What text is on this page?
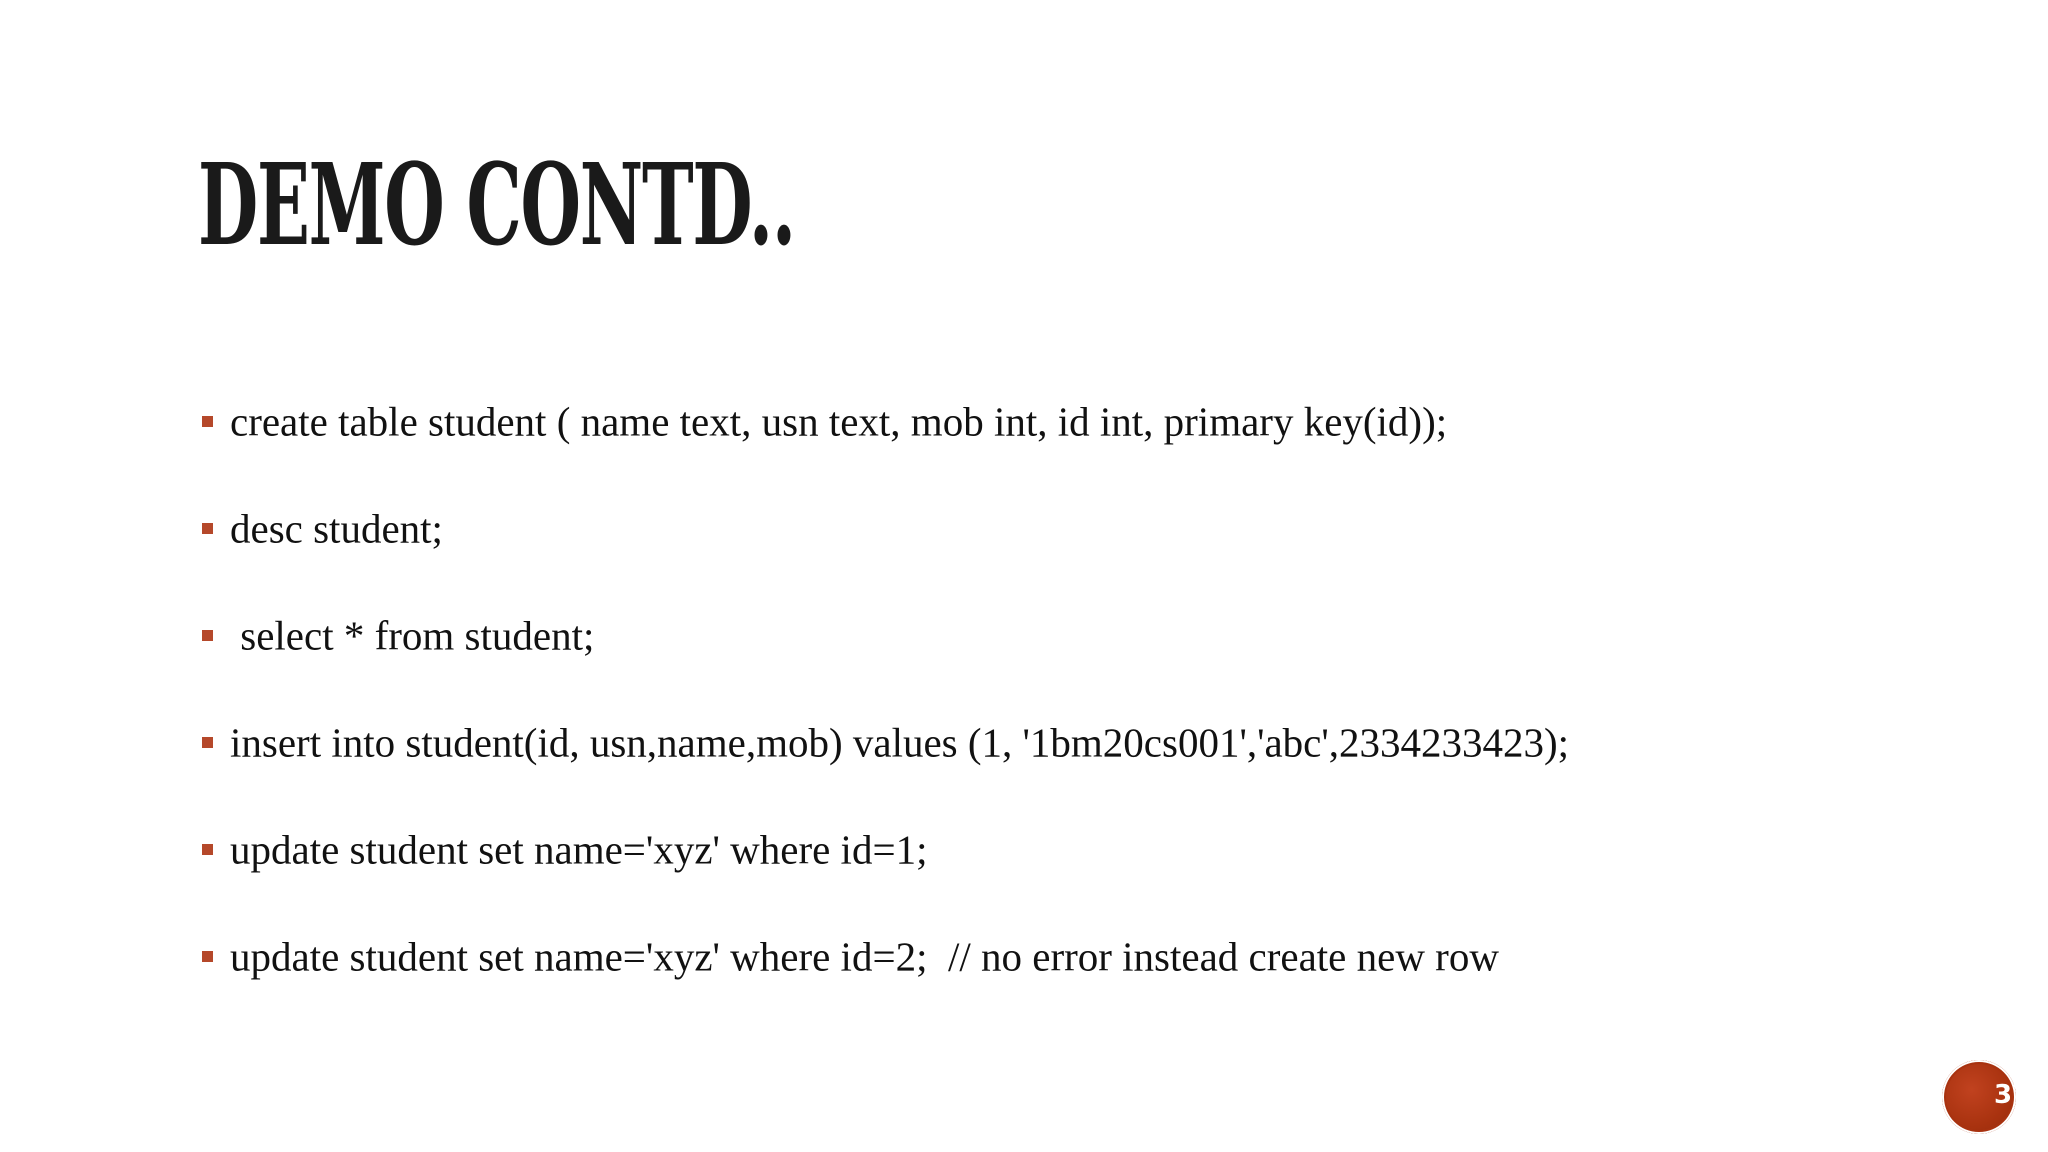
DEMO CONTD..
create table student ( name text, usn text, mob int, id int, primary key(id));
desc student;
select * from student;
insert into student(id, usn,name,mob) values (1, '1bm20cs001','abc',2334233423);
update student set name='xyz' where id=1;
update student set name='xyz' where id=2;  // no error instead create new row
37
